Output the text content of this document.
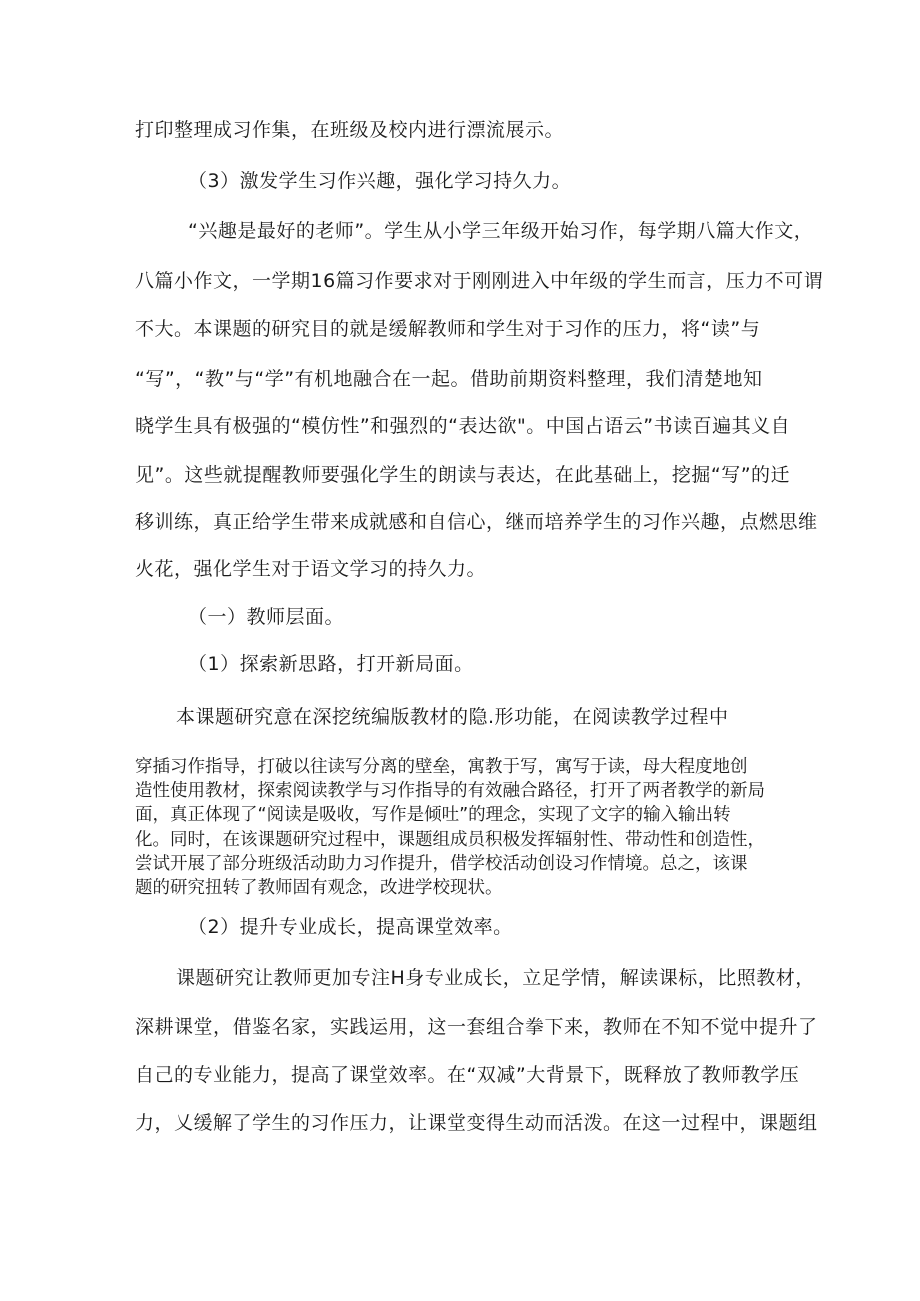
打印整理成习作集，在班级及校内进行漂流展示。
（3）激发学生习作兴趣，强化学习持久力。
“兴趣是最好的老师”。学生从小学三年级开始习作，每学期八篇大作文，
八篇小作文，一学期16篇习作要求对于刚刚进入中年级的学生而言，压力不可谓
不大。本课题的研究目的就是缓解教师和学生对于习作的压力，将“读”与
“写”，“教”与“学”有机地融合在一起。借助前期资料整理，我们清楚地知
晓学生具有极强的“模仿性”和强烈的“表达欲"。中国占语云”书读百遍其义自
见”。这些就提醒教师要强化学生的朗读与表达，在此基础上，挖掘“写”的迁
移训练，真正给学生带来成就感和自信心，继而培养学生的习作兴趣，点燃思维
火花，强化学生对于语文学习的持久力。
（一）教师层面。
（1）探索新思路，打开新局面。
本课题研究意在深挖统编版教材的隐.形功能，在阅读教学过程中
穿插习作指导，打破以往读写分离的壁垒，寓教于写，寓写于读，母大程度地创
造性使用教材，探索阅读教学与习作指导的有效融合路径，打开了两者教学的新局
面，真正体现了“阅读是吸收，写作是倾吐”的理念，实现了文字的输入输出转
化。同时，在该课题研究过程中，课题组成员积极发挥辐射性、带动性和创造性，
尝试开展了部分班级活动助力习作提升，借学校活动创设习作情境。总之，该课
题的研究扭转了教师固有观念，改进学校现状。
（2）提升专业成长，提高课堂效率。
课题研究让教师更加专注H身专业成长，立足学情，解读课标，比照教材，
深耕课堂，借鉴名家，实践运用，这一套组合拳下来，教师在不知不觉中提升了
自己的专业能力，提高了课堂效率。在“双减”大背景下，既释放了教师教学压
力，乂缓解了学生的习作压力，让课堂变得生动而活泼。在这一过程中，课题组
